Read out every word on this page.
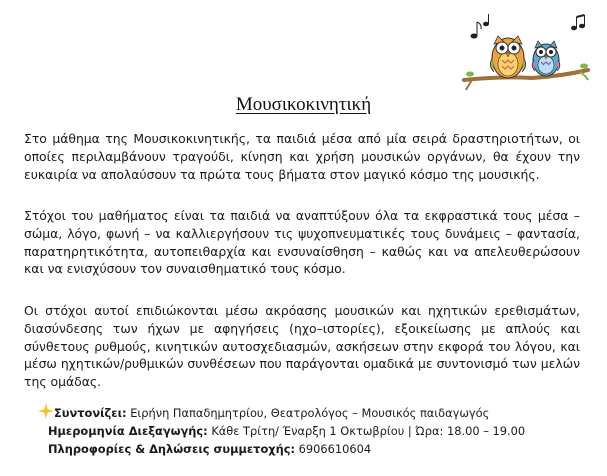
Μουσικοκινητική

Στο μάθημα της Μουσικοκινητικής, τα παιδιά μέσα από μία σειρά δραστηριοτήτων, οι οποίες περιλαμβάνουν τραγούδι, κίνηση και χρήση μουσικών οργάνων, θα έχουν την ευκαιρία να απολαύσουν τα πρώτα τους βήματα στον μαγικό κόσμο της μουσικής.

Στόχοι του μαθήματος είναι τα παιδιά να αναπτύξουν όλα τα εκφραστικά τους μέσα – σώμα, λόγο, φωνή – να καλλιεργήσουν τις ψυχοπνευματικές τους δυνάμεις – φαντασία, παρατηρητικότητα, αυτοπειθαρχία και ενσυναίσθηση – καθώς και να απελευθερώσουν και να ενισχύσουν τον συναισθηματικό τους κόσμο.

Οι στόχοι αυτοί επιδιώκονται μέσω ακρόασης μουσικών και ηχητικών ερεθισμάτων, διασύνδεσης των ήχων με αφηγήσεις (ηχο–ιστορίες), εξοικείωσης με απλούς και σύνθετους ρυθμούς, κινητικών αυτοσχεδιασμών, ασκήσεων στην εκφορά του λόγου, και μέσω ηχητικών/ρυθμικών συνθέσεων που παράγονται ομαδικά με συντονισμό των μελών της ομάδας.

Συντονίζει: Ειρήνη Παπαδημητρίου, Θεατρολόγος – Μουσικός παιδαγωγός
Ημερομηνία Διεξαγωγής: Κάθε Τρίτη/ Έναρξη 1 Οκτωβρίου | Ώρα: 18.00 – 19.00
Πληροφορίες & Δηλώσεις συμμετοχής: 6906610604
